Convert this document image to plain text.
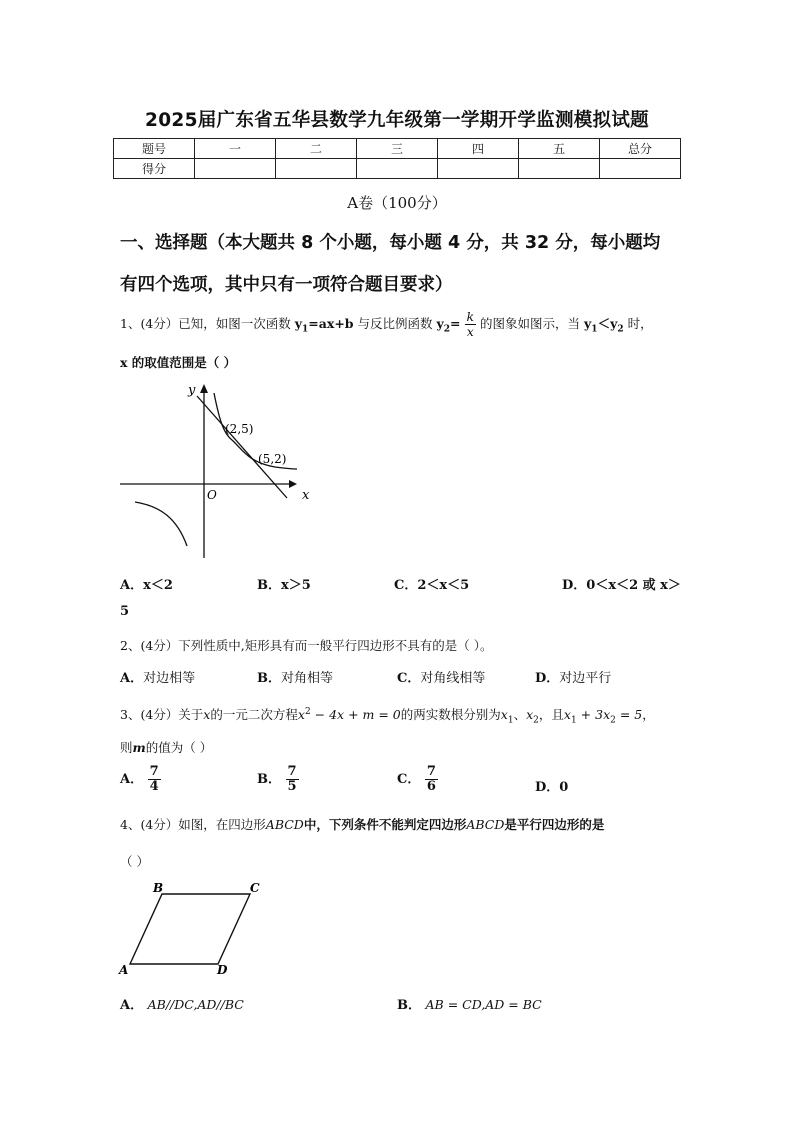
2025届广东省五华县数学九年级第一学期开学监测模拟试题
题号	一	二	三	四	五	总分
得分						
A卷（100分）
一、选择题（本大题共 8 个小题，每小题 4 分，共 32 分，每小题均
有四个选项，其中只有一项符合题目要求）
1、(4分）已知，如图一次函数 $y_1=ax+b$ 与反比例函数 $y_2= \frac{k}{x}$ 的图象如图示，当 $y_1<y_2$ 时，
x 的取值范围是（ ）
y
x
O
(2,5)
(5,2)
A．x＜2	B．x＞5	C．2＜x＜5	D．0＜x＜2 或 x＞
5
2、(4分）下列性质中,矩形具有而一般平行四边形不具有的是（ ）。
A．对边相等	B．对角相等	C．对角线相等	D．对边平行
3、(4分）关于x的一元二次方程$x^2 - 4x + m = 0$的两实数根分别为$x_1$、$x_2$，且$x_1 + 3x_2 = 5$，
则m的值为（ ）
A． $\frac{7}{4}$	B． $\frac{7}{5}$	C． $\frac{7}{6}$	D．0
4、(4分）如图，在四边形ABCD中，下列条件不能判定四边形ABCD是平行四边形的是
（ ）
A
B	C
D
A． AB//DC,AD//BC	B． AB = CD,AD = BC
